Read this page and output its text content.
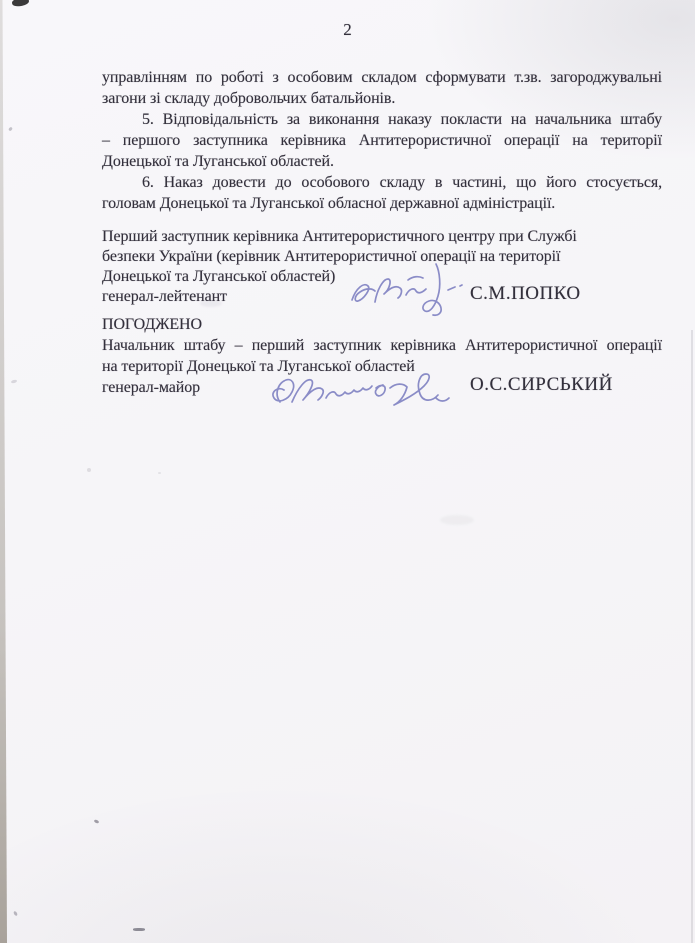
2
управлінням по роботі з особовим складом сформувати т.зв. загороджувальні
загони зі складу добровольчих батальйонів.
5. Відповідальність за виконання наказу покласти на начальника штабу
– першого заступника керівника Антитерористичної операції на території
Донецької та Луганської областей.
6. Наказ довести до особового складу в частині, що його стосується,
головам Донецької та Луганської обласної державної адміністрації.
Перший заступник керівника Антитерористичного центру при Службі
безпеки України (керівник Антитерористичної операції на території
Донецької та Луганської областей)
генерал-лейтенант	С.М.ПОПКО
ПОГОДЖЕНО
Начальник штабу – перший заступник керівника Антитерористичної операції
на території Донецької та Луганської областей
генерал-майор	О.С.СИРСЬКИЙ
